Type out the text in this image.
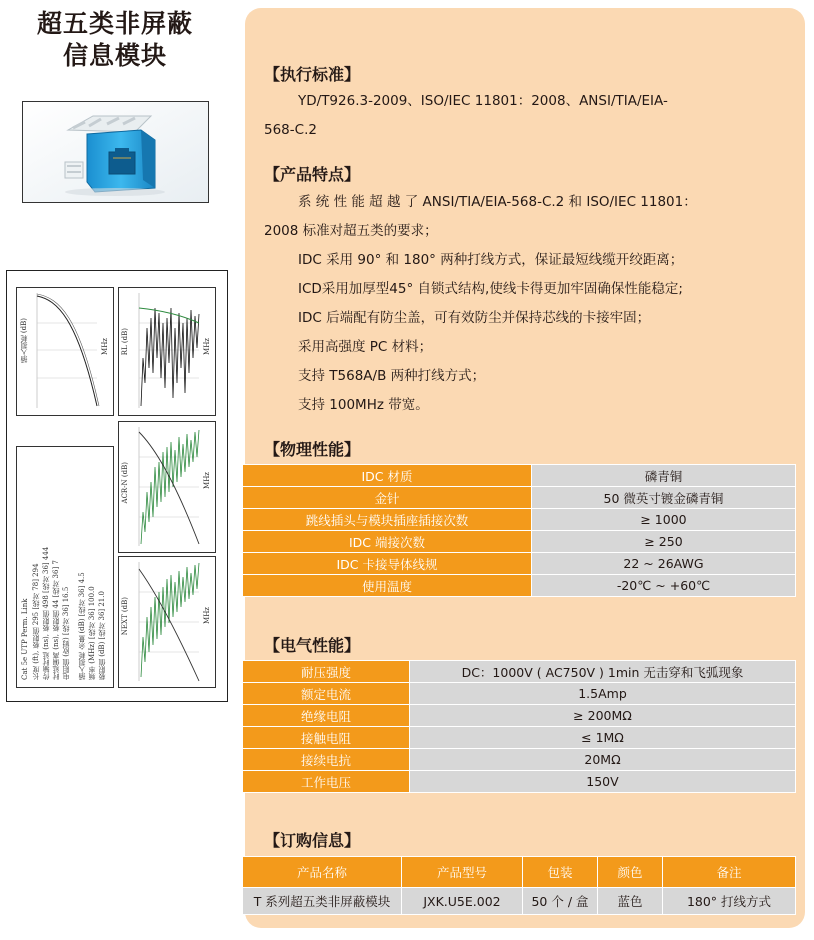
超五类非屏蔽
信息模块
插入损耗 (dB)	MHz RL (dB)	MHz
Cat 5e UTP Perm. Link 长度 (ft), 极限值 295 [线对 78] 294 传输时延 (ns), 极限值 498 [线对 36] 444 时延偏离 (ns), 极限值 44 [线对 36] 7 电阻值 (欧姆) [线对 36] 16.5 插入损耗 余量 (dB) [线对 36] 4.5 频率 (MHz) [线对 36] 100.0 极限值 (dB) [线对 36] 21.0
ACR-N (dB)	MHz
NEXT (dB)	MHz
【执行标准】

YD/T926.3-2009、ISO/IEC 11801：2008、ANSI/TIA/EIA-

568-C.2

【产品特点】

系 统 性 能 超 越 了 ANSI/TIA/EIA-568-C.2 和 ISO/IEC 11801：

2008 标准对超五类的要求；

IDC 采用 90° 和 180° 两种打线方式，保证最短线缆开绞距离；

ICD采用加厚型45° 自锁式结构,使线卡得更加牢固确保性能稳定;

IDC 后端配有防尘盖，可有效防尘并保持芯线的卡接牢固；

采用高强度 PC 材料；

支持 T568A/B 两种打线方式；

支持 100MHz 带宽。

【物理性能】
IDC 材质	磷青铜
金针	50 微英寸镀金磷青铜
跳线插头与模块插座插接次数	≥ 1000
IDC 端接次数	≥ 250
IDC 卡接导体线规	22 ~ 26AWG
使用温度	-20℃ ~ +60℃
【电气性能】
耐压强度	DC：1000V ( AC750V ) 1min 无击穿和飞弧现象
额定电流	1.5Amp
绝缘电阻	≥ 200MΩ
接触电阻	≤ 1MΩ
接续电抗	20MΩ
工作电压	150V
【订购信息】
产品名称	产品型号	包装	颜色	备注
T 系列超五类非屏蔽模块	JXK.U5E.002	50 个 / 盒	蓝色	180° 打线方式
